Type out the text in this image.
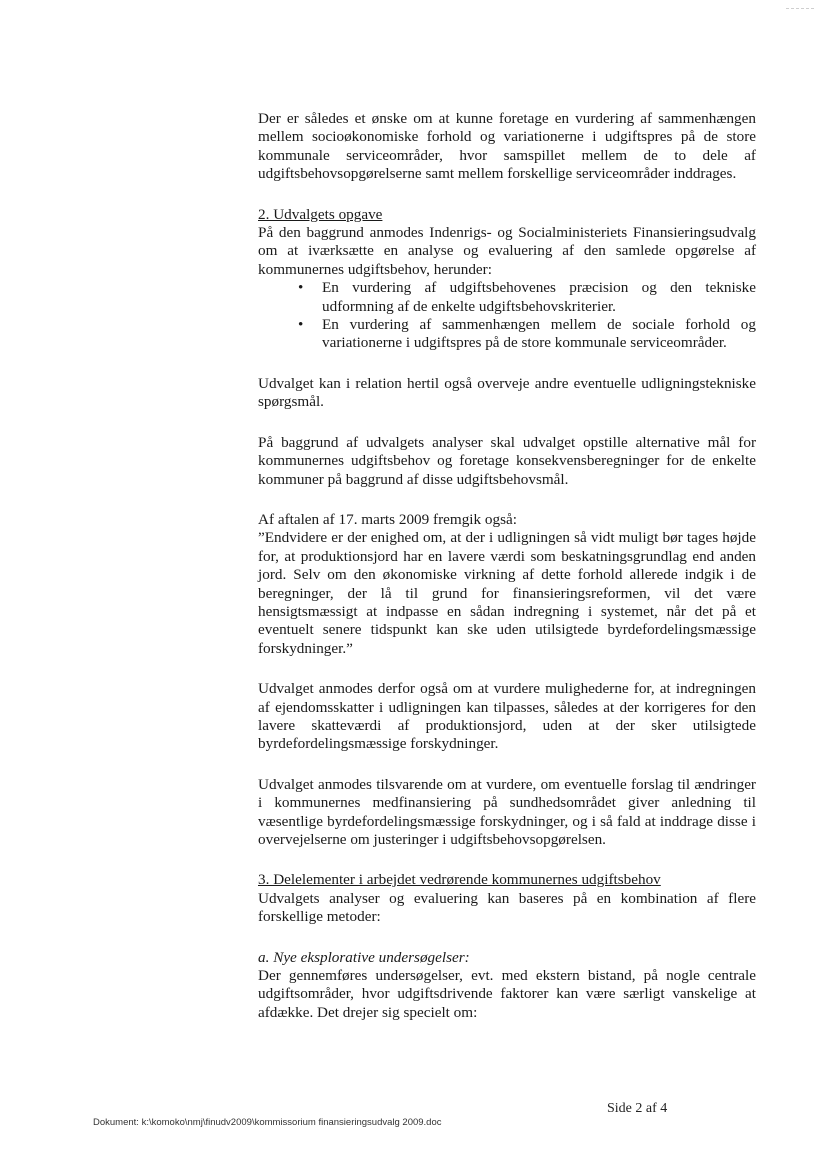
Der er således et ønske om at kunne foretage en vurdering af sammenhængen mellem socioøkonomiske forhold og variationerne i udgiftspres på de store kommunale serviceområder, hvor samspillet mellem de to dele af udgiftsbehovsopgørelserne samt mellem forskellige serviceområder inddrages.

2. Udvalgets opgave

På den baggrund anmodes Indenrigs- og Socialministeriets Finansieringsudvalg om at iværksætte en analyse og evaluering af den samlede opgørelse af kommunernes udgiftsbehov, herunder:

• En vurdering af udgiftsbehovenes præcision og den tekniske udformning af de enkelte udgiftsbehovskriterier.
• En vurdering af sammenhængen mellem de sociale forhold og variationerne i udgiftspres på de store kommunale serviceområder.

Udvalget kan i relation hertil også overveje andre eventuelle udligningstekniske spørgsmål.

På baggrund af udvalgets analyser skal udvalget opstille alternative mål for kommunernes udgiftsbehov og foretage konsekvensberegninger for de enkelte kommuner på baggrund af disse udgiftsbehovsmål.

Af aftalen af 17. marts 2009 fremgik også:

”Endvidere er der enighed om, at der i udligningen så vidt muligt bør tages højde for, at produktionsjord har en lavere værdi som beskatningsgrundlag end anden jord. Selv om den økonomiske virkning af dette forhold allerede indgik i de beregninger, der lå til grund for finansieringsreformen, vil det være hensigtsmæssigt at indpasse en sådan indregning i systemet, når det på et eventuelt senere tidspunkt kan ske uden utilsigtede byrdefordelingsmæssige forskydninger.”

Udvalget anmodes derfor også om at vurdere mulighederne for, at indregningen af ejendomsskatter i udligningen kan tilpasses, således at der korrigeres for den lavere skatteværdi af produktionsjord, uden at der sker utilsigtede byrdefordelingsmæssige forskydninger.

Udvalget anmodes tilsvarende om at vurdere, om eventuelle forslag til ændringer i kommunernes medfinansiering på sundhedsområdet giver anledning til væsentlige byrdefordelingsmæssige forskydninger, og i så fald at inddrage disse i overvejelserne om justeringer i udgiftsbehovsopgørelsen.

3. Delelementer i arbejdet vedrørende kommunernes udgiftsbehov

Udvalgets analyser og evaluering kan baseres på en kombination af flere forskellige metoder:

a. Nye eksplorative undersøgelser:

Der gennemføres undersøgelser, evt. med ekstern bistand, på nogle centrale udgiftsområder, hvor udgiftsdrivende faktorer kan være særligt vanskelige at afdække. Det drejer sig specielt om:

Side 2 af 4
Dokument: k:\komoko\nmj\finudv2009\kommissorium finansieringsudvalg 2009.doc
